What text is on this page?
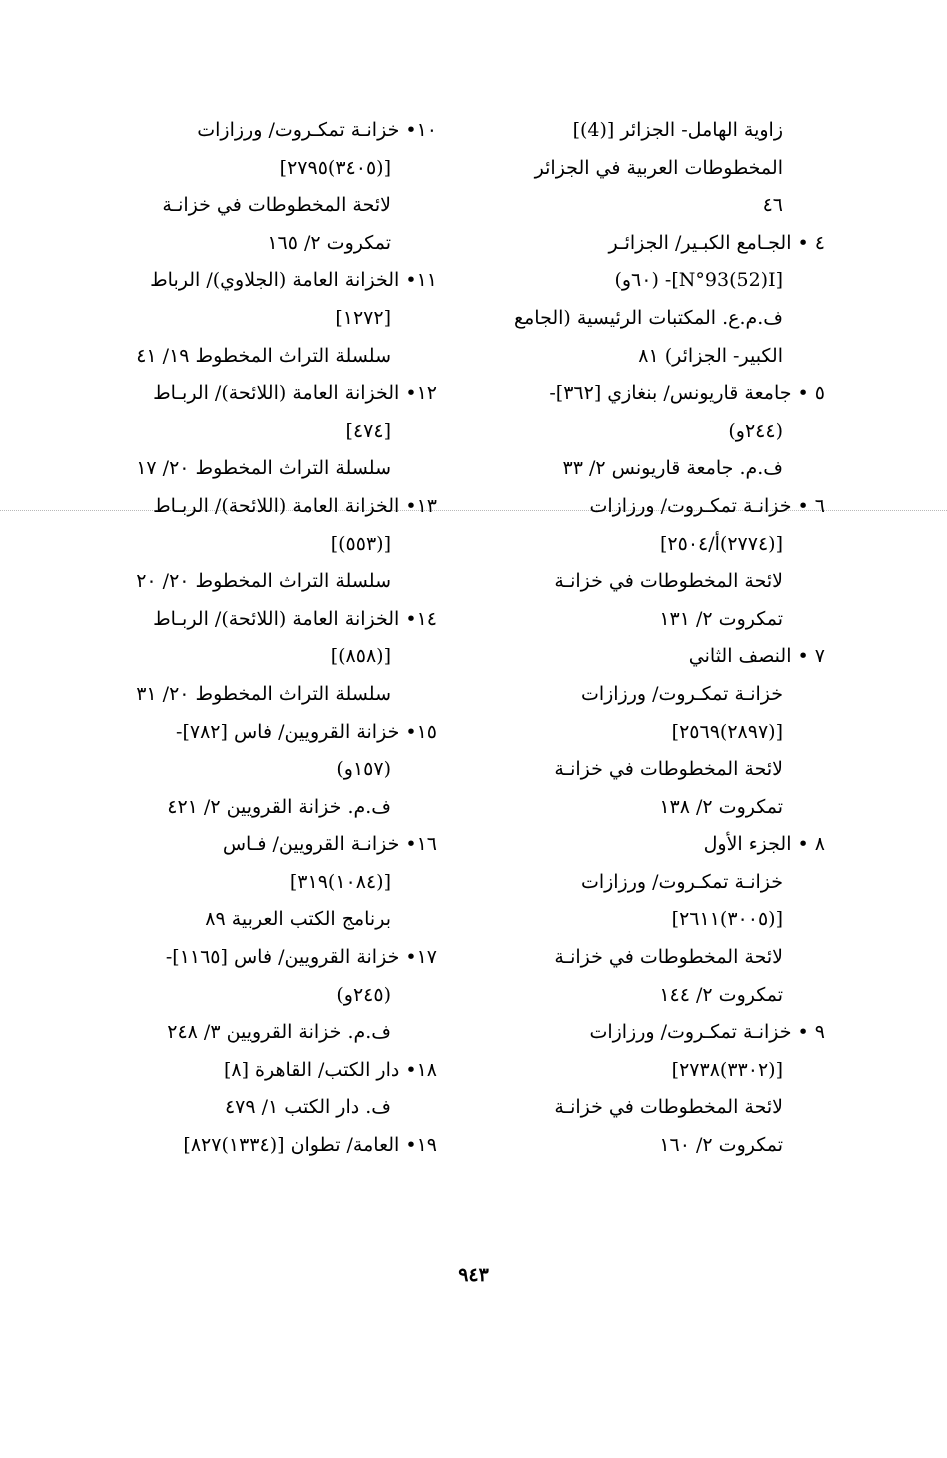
زاوية الهامل- الجزائر [(4)]
المخطوطات العربية في الجزائر
٤٦
٤ • الجـامع الكبـير/ الجزائـر
[N°93(52)I]- (٦٠و)
ف.م.ع. المكتبات الرئيسية (الجامع
الكبير- الجزائر) ٨١
٥ • جامعة قاريونس/ بنغازي [٣٦٢]-
(٢٤٤و)
ف.م. جامعة قاريونس ٢/ ٣٣
٦ • خزانـة تمكـروت/ ورزازات
[(٢٧٧٤)أ/٢٥٠٤]
لائحة المخطوطات في خزانـة
تمكروت ٢/ ١٣١
٧ • النصف الثاني
خزانـة تمكـروت/ ورزازات
[(٢٨٩٧)٢٥٦٩]
لائحة المخطوطات في خزانـة
تمكروت ٢/ ١٣٨
٨ • الجزء الأول
خزانـة تمكـروت/ ورزازات
[(٣٠٠٥)٢٦١١]
لائحة المخطوطات في خزانـة
تمكروت ٢/ ١٤٤
٩ • خزانـة تمكـروت/ ورزازات
[(٣٣٠٢)٢٧٣٨]
لائحة المخطوطات في خزانـة
تمكروت ٢/ ١٦٠
١٠• خزانـة تمكـروت/ ورزازات
[(٣٤٠٥)٢٧٩٥]
لائحة المخطوطات في خزانـة
تمكروت ٢/ ١٦٥
١١• الخزانة العامة (الجلاوي)/ الرباط
[١٢٧٢]
سلسلة التراث المخطوط ١٩/ ٤١
١٢• الخزانة العامة (اللائحة)/ الربـاط
[٤٧٤]
سلسلة التراث المخطوط ٢٠/ ١٧
١٣• الخزانة العامة (اللائحة)/ الربـاط
[(٥٥٣)]
سلسلة التراث المخطوط ٢٠/ ٢٠
١٤• الخزانة العامة (اللائحة)/ الربـاط
[(٨٥٨)]
سلسلة التراث المخطوط ٢٠/ ٣١
١٥• خزانة القرويين/ فاس [٧٨٢]-
(١٥٧و)
ف.م. خزانة القرويين ٢/ ٤٢١
١٦• خزانـة القرويين/ فـاس
[(١٠٨٤)٣١٩]
برنامج الكتب العربية ٨٩
١٧• خزانة القرويين/ فاس [١١٦٥]-
(٢٤٥و)
ف.م. خزانة القرويين ٣/ ٢٤٨
١٨• دار الكتب/ القاهرة [٨]
ف. دار الكتب ١/ ٤٧٩
١٩• العامة/ تطوان [(١٣٣٤)٨٢٧]
٩٤٣
